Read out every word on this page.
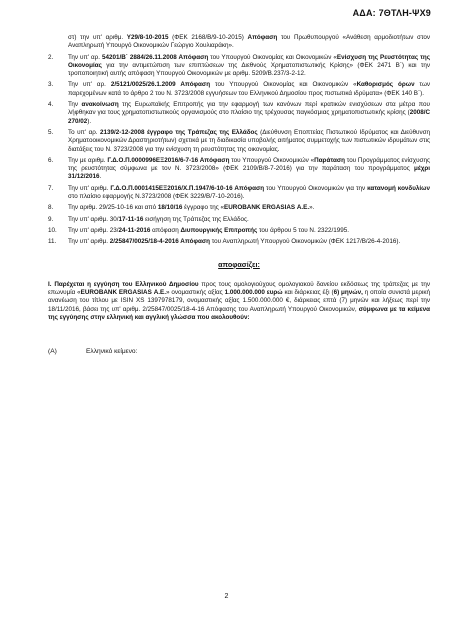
ΑΔΑ: 7ΘΤΛΗ-ΨΧ9

στ) την υπ' αριθμ. Υ29/8-10-2015 (ΦΕΚ 2168/Β/9-10-2015) Απόφαση του Πρωθυπουργού «Ανάθεση αρμοδιοτήτων στον Αναπληρωτή Υπουργό Οικονομικών Γεώργιο Χουλιαράκη».

2.	Την υπ' αρ. 54201/Β΄ 2884/26.11.2008 Απόφαση του Υπουργού Οικονομίας και Οικονομικών «Ενίσχυση της Ρευστότητας της Οικονομίας για την αντιμετώπιση των επιπτώσεων της Διεθνούς Χρηματοπιστωτικής Κρίσης» (ΦΕΚ 2471 Β΄) και την τροποποιητική αυτής απόφαση Υπουργού Οικονομικών με αριθμ. 5209/Β.237/3-2-12.
3.	Την υπ' αρ. 2/5121/0025/26.1.2009 Απόφαση του Υπουργού Οικονομίας και Οικονομικών «Καθορισμός όρων των παρεχομένων κατά το άρθρο 2 του Ν. 3723/2008 εγγυήσεων του Ελληνικού Δημοσίου προς πιστωτικά ιδρύματα» (ΦΕΚ 140 Β΄).
4.	Την ανακοίνωση της Ευρωπαϊκής Επιτροπής για την εφαρμογή των κανόνων περί κρατικών ενισχύσεων στα μέτρα που λήφθηκαν για τους χρηματοπιστωτικούς οργανισμούς στο πλαίσιο της τρέχουσας παγκόσμιας χρηματοπιστωτικής κρίσης (2008/C 270/02).
5.	Το υπ' αρ. 2139/2-12-2008 έγγραφο της Τράπεζας της Ελλάδος (Διεύθυνση Εποπτείας Πιστωτικού Ιδρύματος και Διεύθυνση Χρηματοοικονομικών Δραστηριοτήτων) σχετικά με τη διαδικασία υποβολής αιτήματος συμμετοχής των πιστωτικών ιδρυμάτων στις διατάξεις του Ν. 3723/2008 για την ενίσχυση τη ρευστότητας της οικονομίας.
6.	Την με αριθμ. Γ.Δ.Ο.Π.0000996ΕΞ2016/6-7-16 Απόφαση του Υπουργού Οικονομικών «Παράταση του Προγράμματος ενίσχυσης της ρευστότητας σύμφωνα με τον Ν. 3723/2008» (ΦΕΚ 2109/Β/8-7-2016) για την παράταση του προγράμματος μέχρι 31/12/2016.
7.	Την υπ' αριθμ. Γ.Δ.Ο.Π.0001415ΕΞ2016/Χ.Π.1947/6-10-16 Απόφαση του Υπουργού Οικονομικών για την κατανομή κονδυλίων στο πλαίσιο εφαρμογής Ν.3723/2008 (ΦΕΚ 3229/Β/7-10-2016).
8.	Την αριθμ. 29/25-10-16 και από 18/10/16 έγγραφο της «EUROBANK ERGASIAS Α.Ε.».
9.	Την υπ' αριθμ. 30/17-11-16 εισήγηση της Τράπεζας της Ελλάδος.
10.	Την υπ' αριθμ. 23/24-11-2016 απόφαση Διυπουργικής Επιτροπής του άρθρου 5 του Ν. 2322/1995.
11.	Την υπ' αριθμ. 2/25847/0025/18-4-2016 Απόφαση του Αναπληρωτή Υπουργού Οικονομικών (ΦΕΚ 1217/Β/26-4-2016).
αποφασίζει:

Ι. Παρέχεται η εγγύηση του Ελληνικού Δημοσίου προς τους ομολογιούχους ομολογιακού δανείου εκδόσεως της τράπεζας με την επωνυμία «EUROBANK ERGASIAS Α.Ε.» ονομαστικής αξίας 1.000.000.000 ευρώ και διάρκειας έξι (6) μηνών, η οποία συνιστά μερική ανανέωση του τίτλου με ISIN XS 1397978179, ονομαστικής αξίας 1.500.000.000 €, διάρκειας επτά (7) μηνών και λήξεως περί την 18/11/2016, βάσει της υπ' αριθμ. 2/25847/0025/18-4-16 Απόφασης του Αναπληρωτή Υπουργού Οικονομικών, σύμφωνα με τα κείμενα της εγγύησης στην ελληνική και αγγλική γλώσσα που ακολουθούν:

(Α)	Ελληνικό κείμενο:
2
